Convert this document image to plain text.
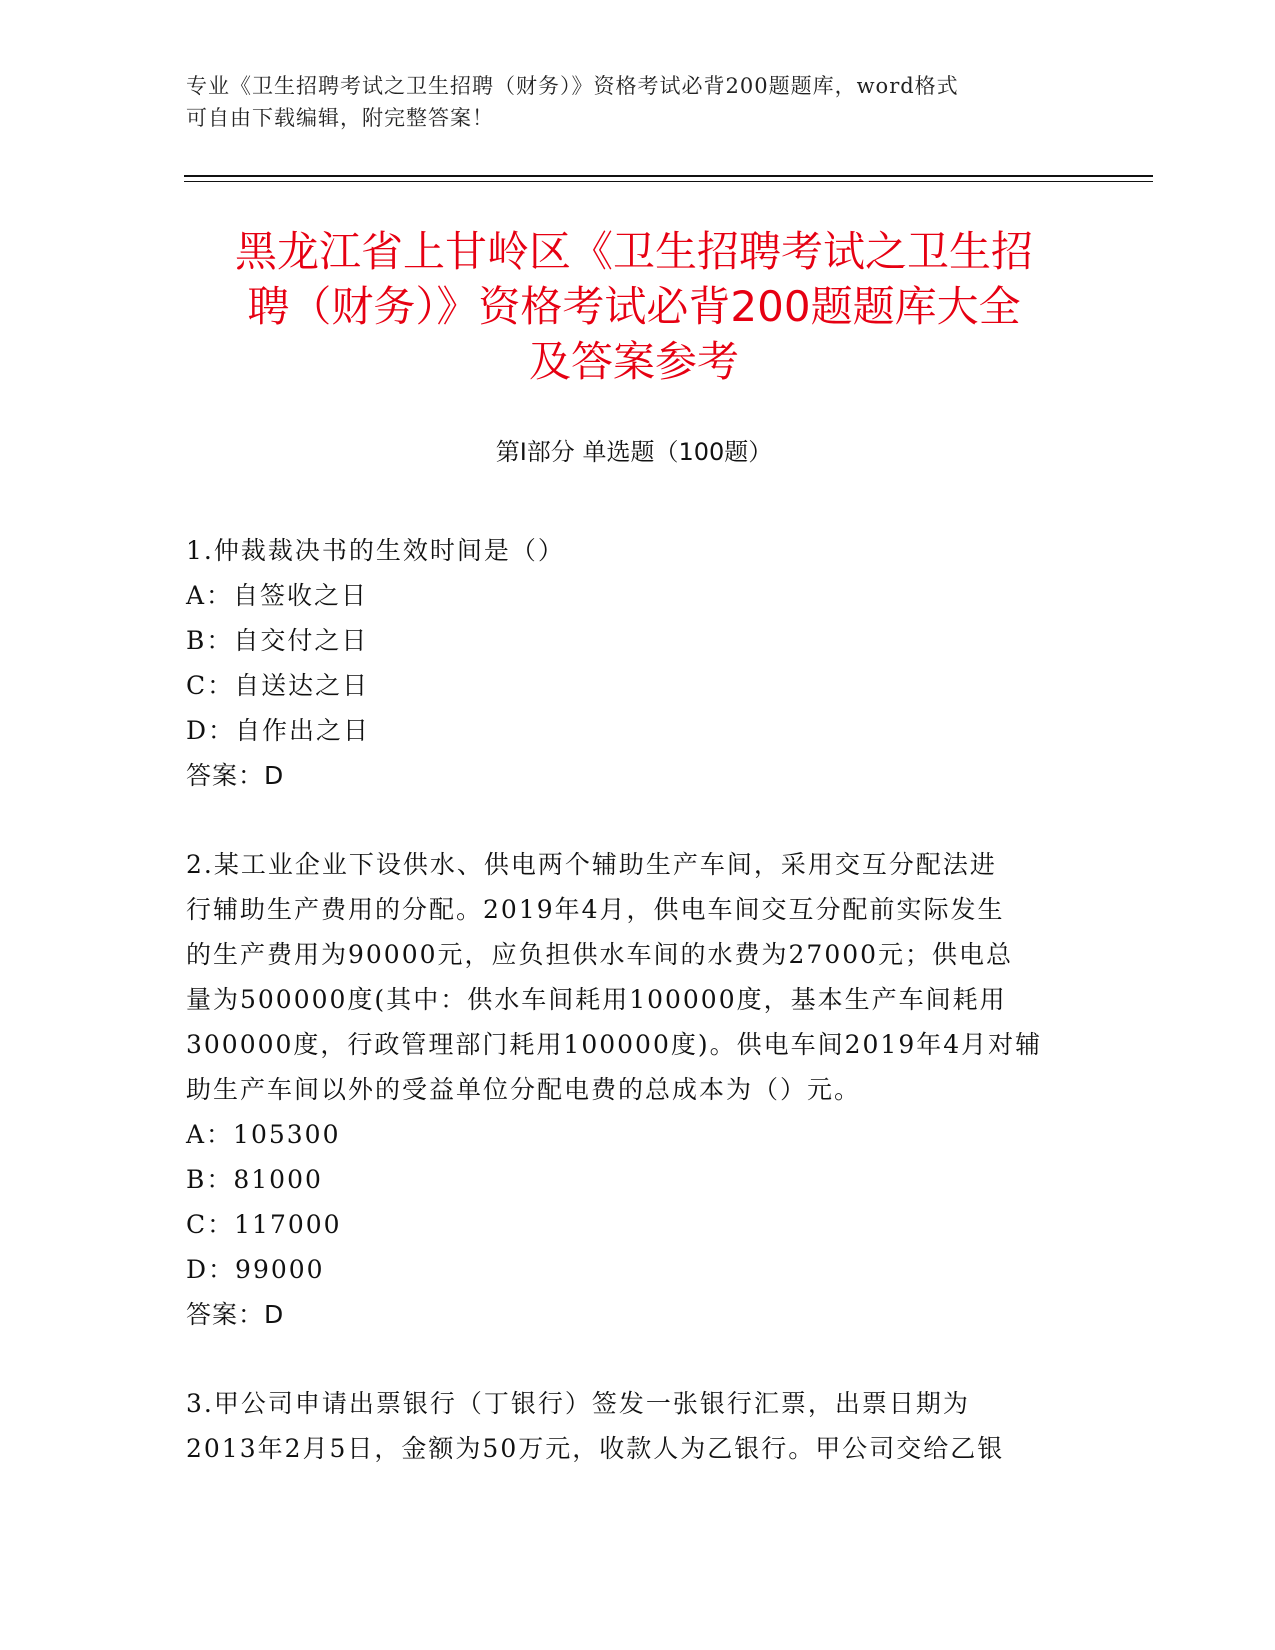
专业《卫生招聘考试之卫生招聘（财务）》资格考试必背200题题库，word格式
可自由下载编辑，附完整答案！
黑龙江省上甘岭区《卫生招聘考试之卫生招
聘（财务）》资格考试必背200题题库大全
及答案参考
第Ⅰ部分 单选题（100题）
1.仲裁裁决书的生效时间是（）
A：自签收之日
B：自交付之日
C：自送达之日
D：自作出之日
答案：D
2.某工业企业下设供水、供电两个辅助生产车间，采用交互分配法进
行辅助生产费用的分配。2019年4月，供电车间交互分配前实际发生
的生产费用为90000元，应负担供水车间的水费为27000元；供电总
量为500000度(其中：供水车间耗用100000度，基本生产车间耗用
300000度，行政管理部门耗用100000度)。供电车间2019年4月对辅
助生产车间以外的受益单位分配电费的总成本为（）元。
A：105300
B：81000
C：117000
D：99000
答案：D
3.甲公司申请出票银行（丁银行）签发一张银行汇票，出票日期为
2013年2月5日，金额为50万元，收款人为乙银行。甲公司交给乙银
